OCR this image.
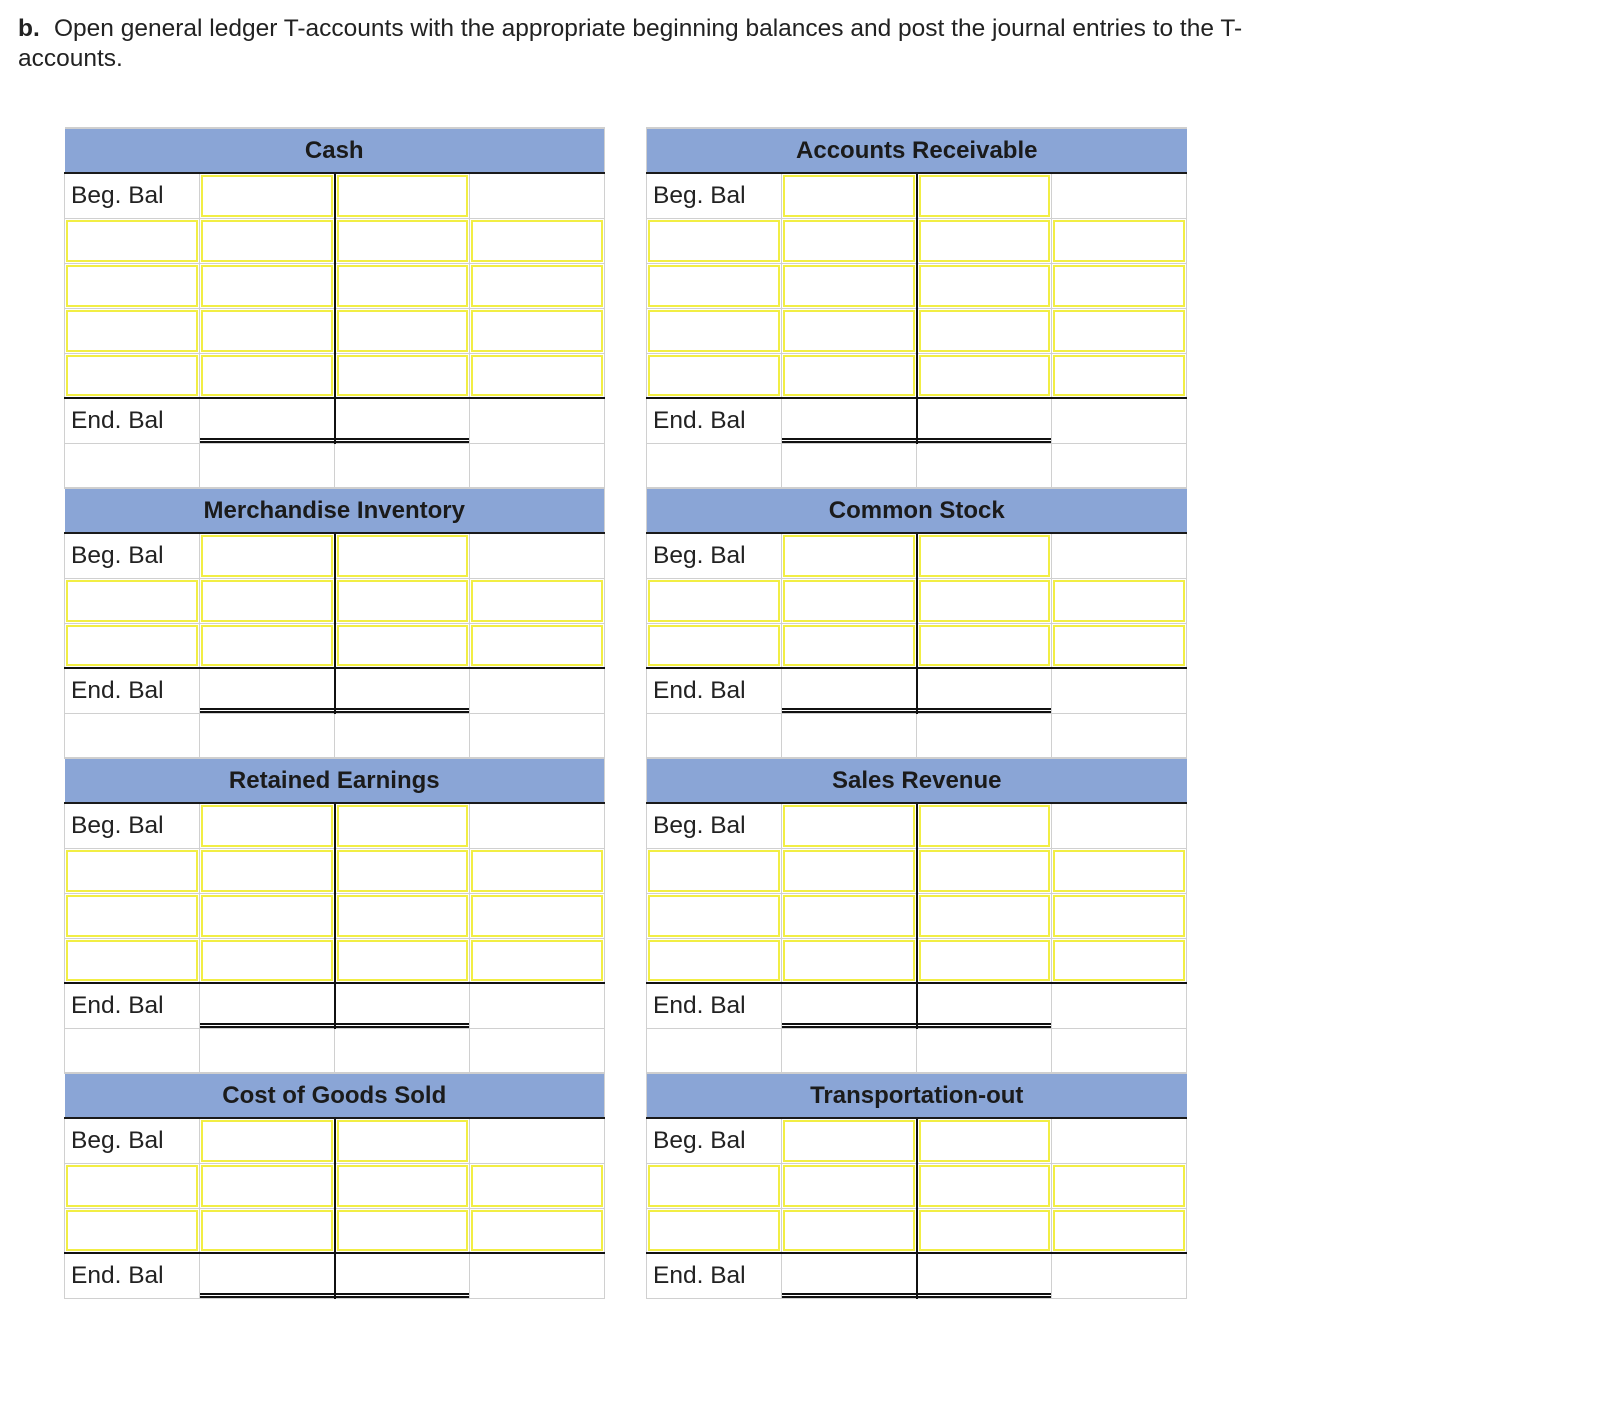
b. Open general ledger T-accounts with the appropriate beginning balances and post the journal entries to the T-accounts.
Cash					Accounts Receivable			
Beg. Bal					Beg. Bal	

End. Bal					End. Bal			

Merchandise Inventory					Common Stock			
Beg. Bal					Beg. Bal	

End. Bal					End. Bal			

Retained Earnings					Sales Revenue			
Beg. Bal					Beg. Bal	

End. Bal					End. Bal			

Cost of Goods Sold					Transportation-out			
Beg. Bal					Beg. Bal	

End. Bal					End. Bal			
